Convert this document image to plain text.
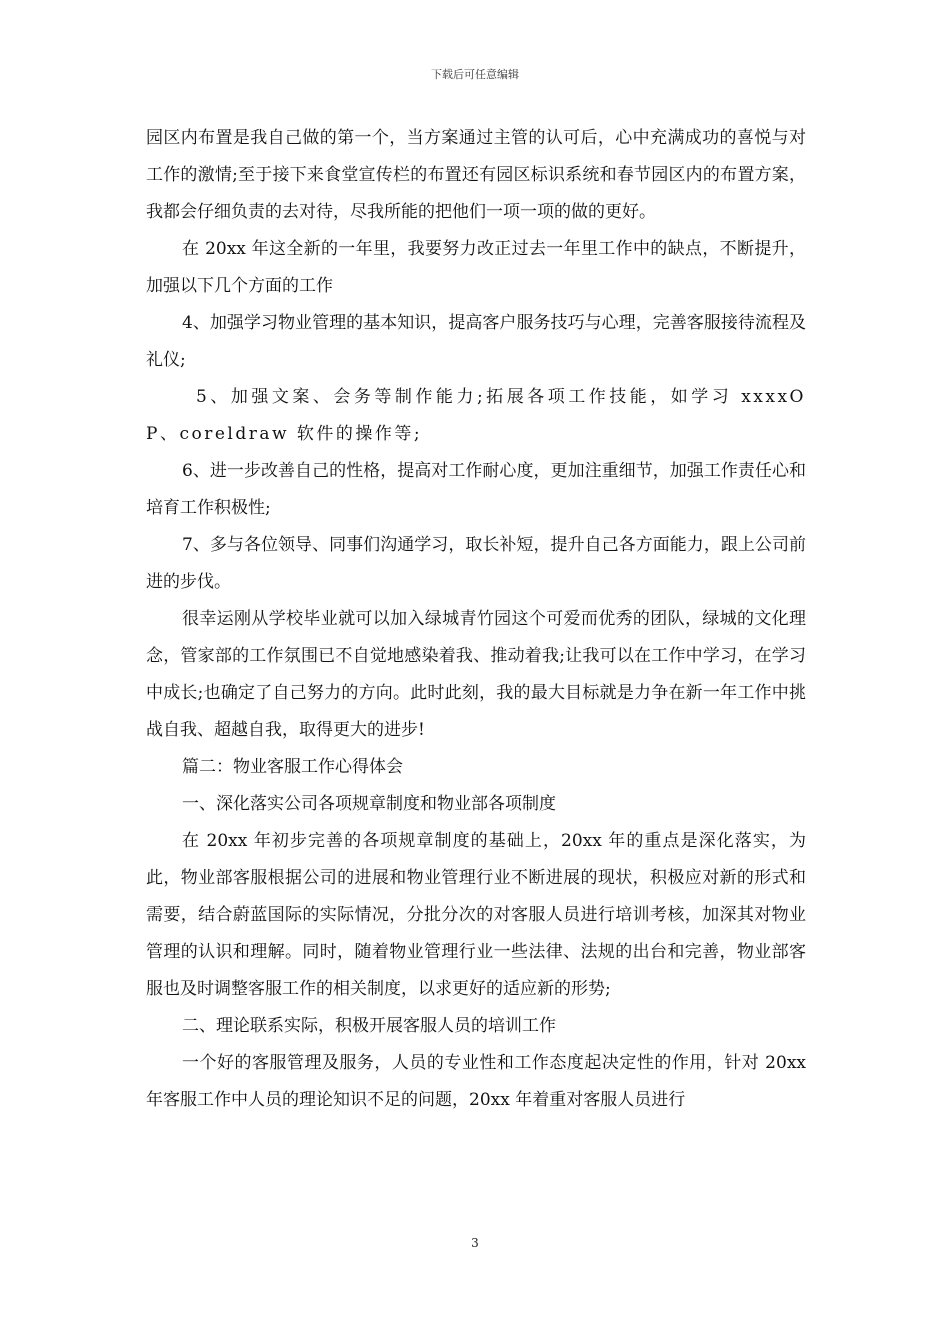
下载后可任意编辑

园区内布置是我自己做的第一个，当方案通过主管的认可后，心中充满成功的喜悦与对工作的激情;至于接下来食堂宣传栏的布置还有园区标识系统和春节园区内的布置方案，我都会仔细负责的去对待，尽我所能的把他们一项一项的做的更好。

在 20xx 年这全新的一年里，我要努力改正过去一年里工作中的缺点，不断提升，加强以下几个方面的工作

4、加强学习物业管理的基本知识，提高客户服务技巧与心理，完善客服接待流程及礼仪;

5、加强文案、会务等制作能力;拓展各项工作技能，如学习 xxxxOP、coreldraw 软件的操作等;

6、进一步改善自己的性格，提高对工作耐心度，更加注重细节，加强工作责任心和培育工作积极性;

7、多与各位领导、同事们沟通学习，取长补短，提升自己各方面能力，跟上公司前进的步伐。

很幸运刚从学校毕业就可以加入绿城青竹园这个可爱而优秀的团队，绿城的文化理念，管家部的工作氛围已不自觉地感染着我、推动着我;让我可以在工作中学习，在学习中成长;也确定了自己努力的方向。此时此刻，我的最大目标就是力争在新一年工作中挑战自我、超越自我，取得更大的进步!

篇二：物业客服工作心得体会

一、深化落实公司各项规章制度和物业部各项制度

在 20xx 年初步完善的各项规章制度的基础上，20xx 年的重点是深化落实，为此，物业部客服根据公司的进展和物业管理行业不断进展的现状，积极应对新的形式和需要，结合蔚蓝国际的实际情况，分批分次的对客服人员进行培训考核，加深其对物业管理的认识和理解。同时，随着物业管理行业一些法律、法规的出台和完善，物业部客服也及时调整客服工作的相关制度，以求更好的适应新的形势;

二、理论联系实际，积极开展客服人员的培训工作

一个好的客服管理及服务，人员的专业性和工作态度起决定性的作用，针对 20xx 年客服工作中人员的理论知识不足的问题，20xx 年着重对客服人员进行

3
